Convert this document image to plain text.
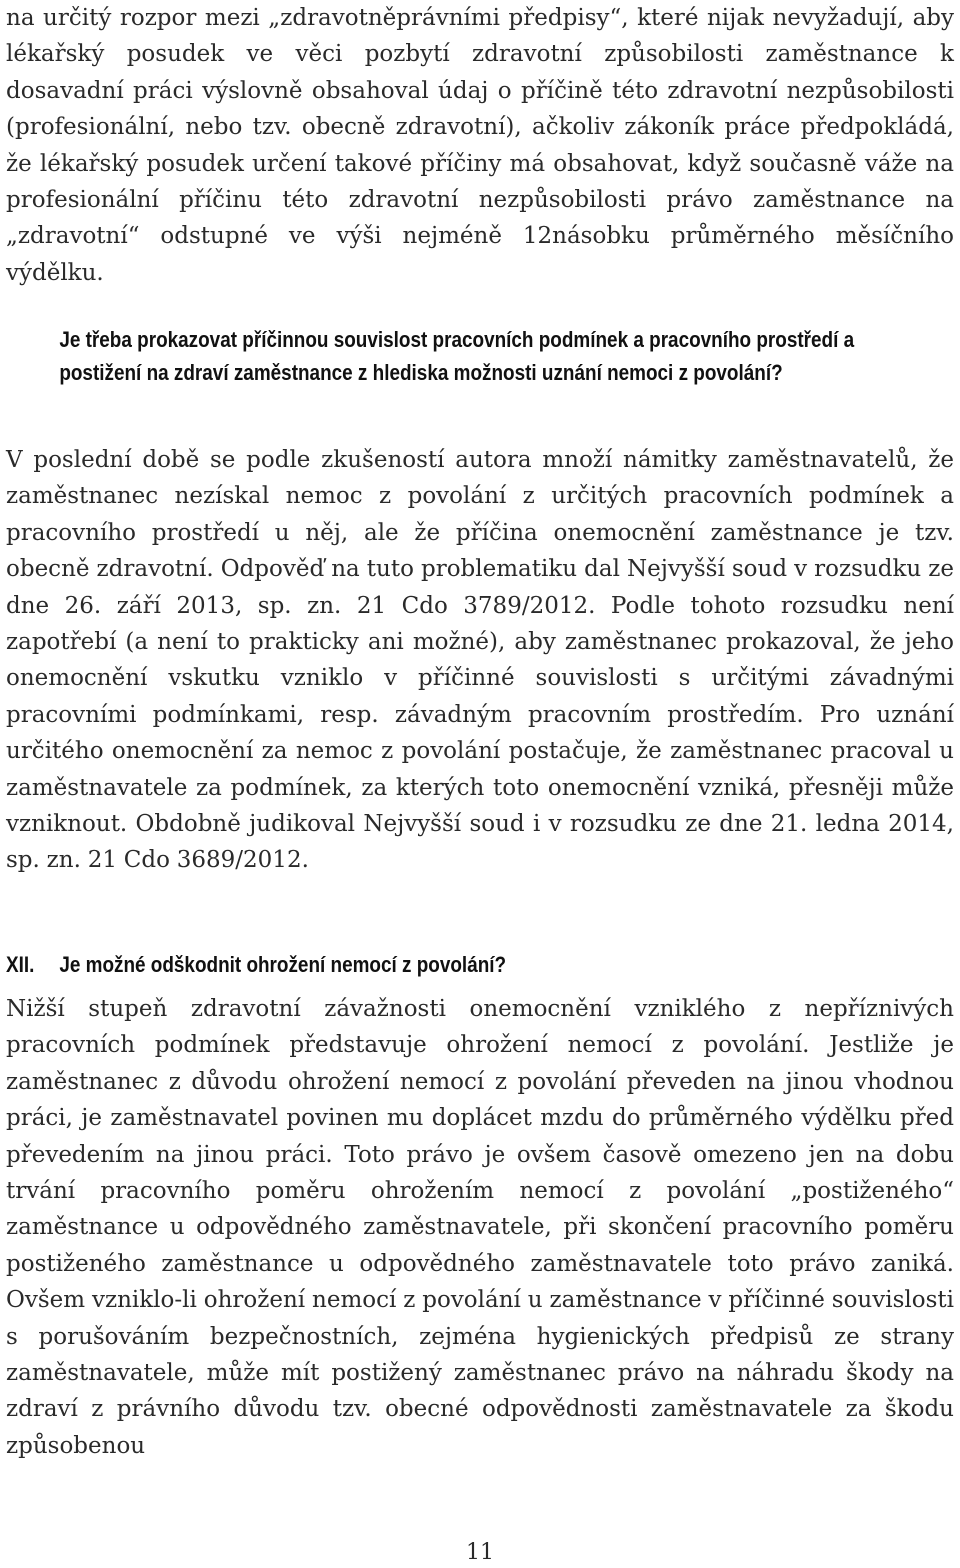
na určitý rozpor mezi „zdravotněprávními předpisy“, které nijak nevyžadují, aby lékařský posudek ve věci pozbytí zdravotní způsobilosti zaměstnance k dosavadní práci výslovně obsahoval údaj o příčině této zdravotní nezpůsobilosti (profesionální, nebo tzv. obecně zdravotní), ačkoliv zákoník práce předpokládá, že lékařský posudek určení takové příčiny má obsahovat, když současně váže na profesionální příčinu této zdravotní nezpůsobilosti právo zaměstnance na „zdravotní“ odstupné ve výši nejméně 12násobku průměrného měsíčního výdělku.

Je třeba prokazovat příčinnou souvislost pracovních podmínek a pracovního prostředí a postižení na zdraví zaměstnance z hlediska možnosti uznání nemoci z povolání?

V poslední době se podle zkušeností autora množí námitky zaměstnavatelů, že zaměstnanec nezískal nemoc z povolání z určitých pracovních podmínek a pracovního prostředí u něj, ale že příčina onemocnění zaměstnance je tzv. obecně zdravotní. Odpověď na tuto problematiku dal Nejvyšší soud v rozsudku ze dne 26. září 2013, sp. zn. 21 Cdo 3789/2012. Podle tohoto rozsudku není zapotřebí (a není to prakticky ani možné), aby zaměstnanec prokazoval, že jeho onemocnění vskutku vzniklo v příčinné souvislosti s určitými závadnými pracovními podmínkami, resp. závadným pracovním prostředím. Pro uznání určitého onemocnění za nemoc z povolání postačuje, že zaměstnanec pracoval u zaměstnavatele za podmínek, za kterých toto onemocnění vzniká, přesněji může vzniknout. Obdobně judikoval Nejvyšší soud i v rozsudku ze dne 21. ledna 2014, sp. zn. 21 Cdo 3689/2012.

XII. Je možné odškodnit ohrožení nemocí z povolání?

Nižší stupeň zdravotní závažnosti onemocnění vzniklého z nepříznivých pracovních podmínek představuje ohrožení nemocí z povolání. Jestliže je zaměstnanec z důvodu ohrožení nemocí z povolání převeden na jinou vhodnou práci, je zaměstnavatel povinen mu doplácet mzdu do průměrného výdělku před převedením na jinou práci. Toto právo je ovšem časově omezeno jen na dobu trvání pracovního poměru ohrožením nemocí z povolání „postiženého“ zaměstnance u odpovědného zaměstnavatele, při skončení pracovního poměru postiženého zaměstnance u odpovědného zaměstnavatele toto právo zaniká. Ovšem vzniklo-li ohrožení nemocí z povolání u zaměstnance v příčinné souvislosti s porušováním bezpečnostních, zejména hygienických předpisů ze strany zaměstnavatele, může mít postižený zaměstnanec právo na náhradu škody na zdraví z právního důvodu tzv. obecné odpovědnosti zaměstnavatele za škodu způsobenou

11
